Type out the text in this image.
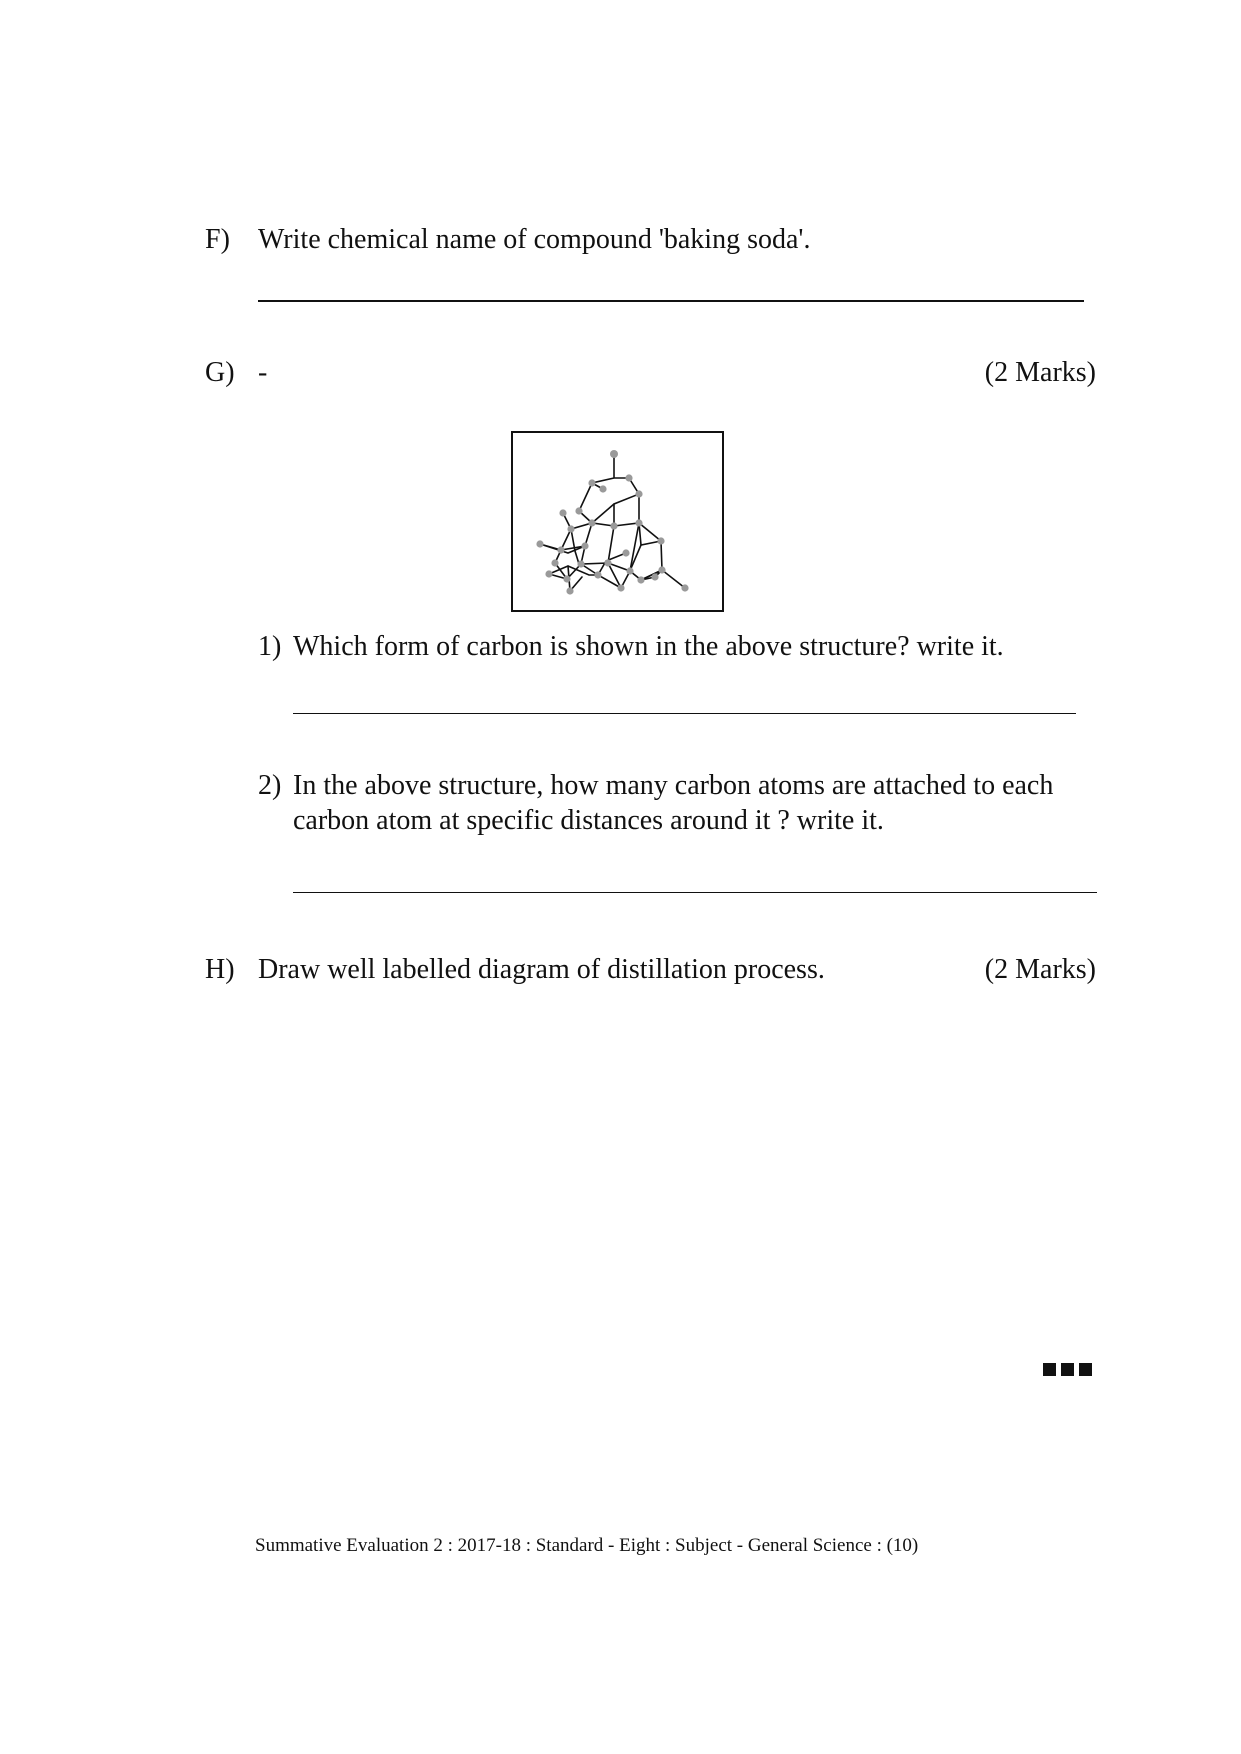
F) Write chemical name of compound 'baking soda'.
G) -	(2 Marks)
1) Which form of carbon is shown in the above structure? write it.
2) In the above structure, how many carbon atoms are attached to each
carbon atom at specific distances around it ? write it.
H) Draw well labelled diagram of distillation process.	(2 Marks)
Summative Evaluation 2 : 2017-18 : Standard - Eight : Subject - General Science : (10)
